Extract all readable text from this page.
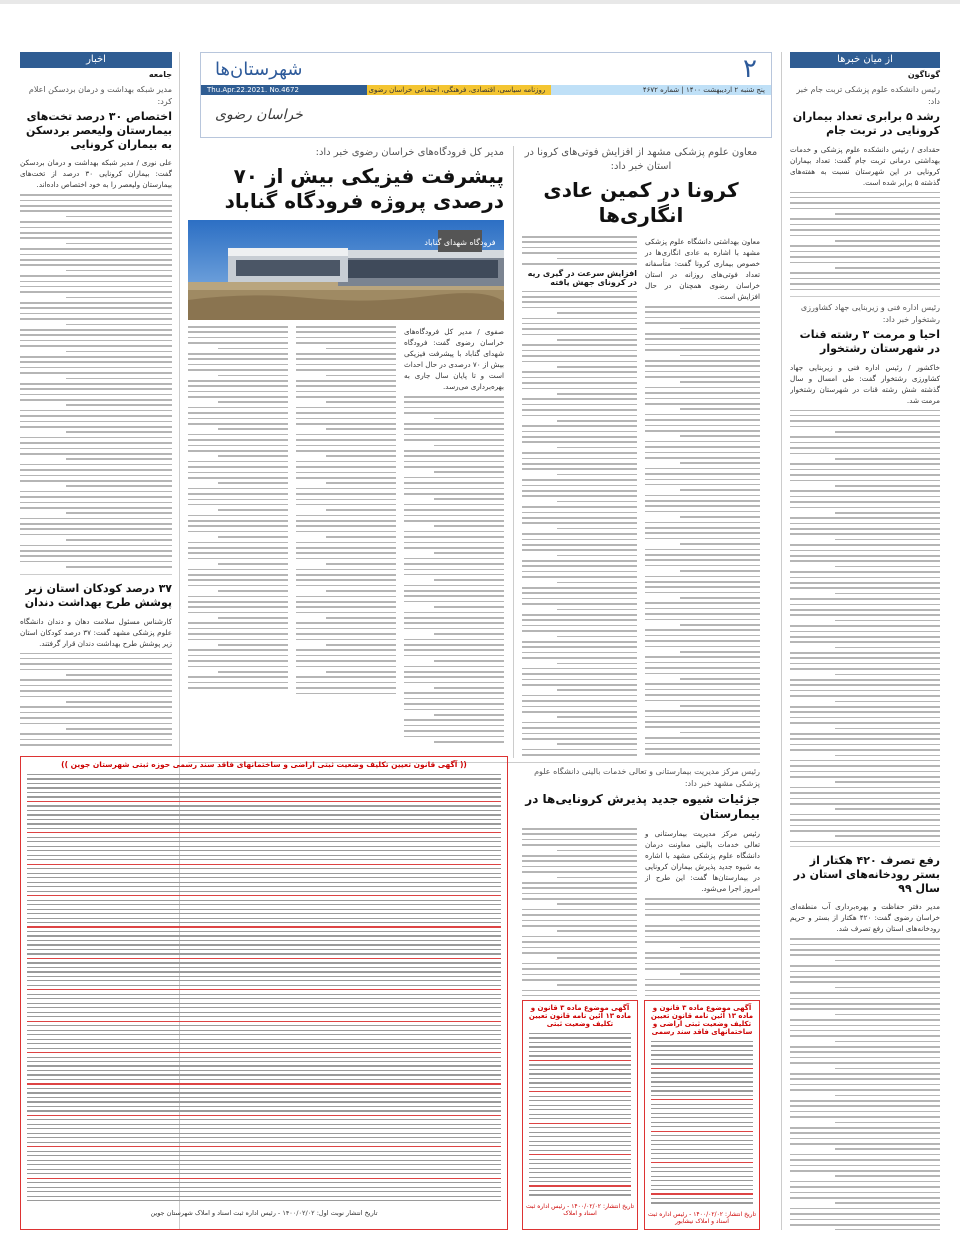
۲
شهرستان‌ها
پنج شنبه ۲ اردیبهشت ۱۴۰۰ | شماره ۴۶۷۲
روزنامه سیاسی، اقتصادی، فرهنگی، اجتماعی خراسان رضوی
Thu.Apr.22.2021. No.4672
خراسان رضوی
از میان خبرها
گوناگون
رئیس دانشکده علوم پزشکی تربت جام خبر داد:
رشد ۵ برابری تعداد بیماران کرونایی در تربت جام

حقدادی / رئیس دانشکده علوم پزشکی و خدمات بهداشتی درمانی تربت جام گفت: تعداد بیماران کرونایی در این شهرستان نسبت به هفته‌های گذشته ۵ برابر شده است.

رئیس اداره فنی و زیربنایی جهاد کشاورزی رشتخوار خبر داد:
احیا و مرمت ۳ رشته قنات در شهرستان رشتخوار

خاکشور / رئیس اداره فنی و زیربنایی جهاد کشاورزی رشتخوار گفت: طی امسال و سال گذشته شش رشته قنات در شهرستان رشتخوار مرمت شد.

رفع تصرف ۴۲۰ هکتار از بستر رودخانه‌های استان در سال ۹۹

مدیر دفتر حفاظت و بهره‌برداری آب منطقه‌ای خراسان رضوی گفت: ۴۲۰ هکتار از بستر و حریم رودخانه‌های استان رفع تصرف شد.

معاون علوم پزشکی مشهد از افزایش فوتی‌های کرونا در استان خبر داد:
کرونا در کمین عادی انگاری‌ها

معاون بهداشتی دانشگاه علوم پزشکی مشهد با اشاره به عادی انگاری‌ها در خصوص بیماری کرونا گفت: متأسفانه تعداد فوتی‌های روزانه در استان خراسان رضوی همچنان در حال افزایش است.

افزایش سرعت در گیری ریه در کرونای جهش یافته
مدیر کل فرودگاه‌های خراسان رضوی خبر داد:
پیشرفت فیزیکی بیش از ۷۰ درصدی پروژه فرودگاه گناباد
فرودگاه شهدای گناباد

صفوی / مدیر کل فرودگاه‌های خراسان رضوی گفت: فرودگاه شهدای گناباد با پیشرفت فیزیکی بیش از ۷۰ درصدی در حال احداث است و تا پایان سال جاری به بهره‌برداری می‌رسد.

اخبار
جامعه
مدیر شبکه بهداشت و درمان بردسکن اعلام کرد:
اختصاص ۳۰ درصد تخت‌های بیمارستان ولیعصر بردسکن به بیماران کرونایی

علی نوری / مدیر شبکه بهداشت و درمان بردسکن گفت: بیماران کرونایی ۳۰ درصد از تخت‌های بیمارستان ولیعصر را به خود اختصاص داده‌اند.

۳۷ درصد کودکان استان زیر پوشش طرح بهداشت دندان

کارشناس مسئول سلامت دهان و دندان دانشگاه علوم پزشکی مشهد گفت: ۳۷ درصد کودکان استان زیر پوشش طرح بهداشت دندان قرار گرفتند.

رئیس مرکز مدیریت بیمارستانی و تعالی خدمات بالینی دانشگاه علوم پزشکی مشهد خبر داد:
جزئیات شیوه جدید پذیرش کرونایی‌ها در بیمارستان

رئیس مرکز مدیریت بیمارستانی و تعالی خدمات بالینی معاونت درمان دانشگاه علوم پزشکی مشهد با اشاره به شیوه جدید پذیرش بیماران کرونایی در بیمارستان‌ها گفت: این طرح از امروز اجرا می‌شود.

آگهی موضوع ماده ۳ قانون و ماده ۱۳ آئین نامه قانون تعیین تکلیف وضعیت ثبتی اراضی و ساختمانهای فاقد سند رسمی
تاریخ انتشار: ۱۴۰۰/۰۲/۰۲ - رئیس اداره ثبت اسناد و املاک نیشابور
آگهی موضوع ماده ۳ قانون و ماده ۱۳ آئین نامه قانون تعیین تکلیف وضعیت ثبتی
تاریخ انتشار: ۱۴۰۰/۰۲/۰۲ - رئیس اداره ثبت اسناد و املاک
(( آگهی قانون تعیین تکلیف وضعیت ثبتی اراضی و ساختمانهای فاقد سند رسمی حوزه ثبتی شهرستان جوین ))
تاریخ انتشار نوبت اول: ۱۴۰۰/۰۲/۰۲ - رئیس اداره ثبت اسناد و املاک شهرستان جوین
